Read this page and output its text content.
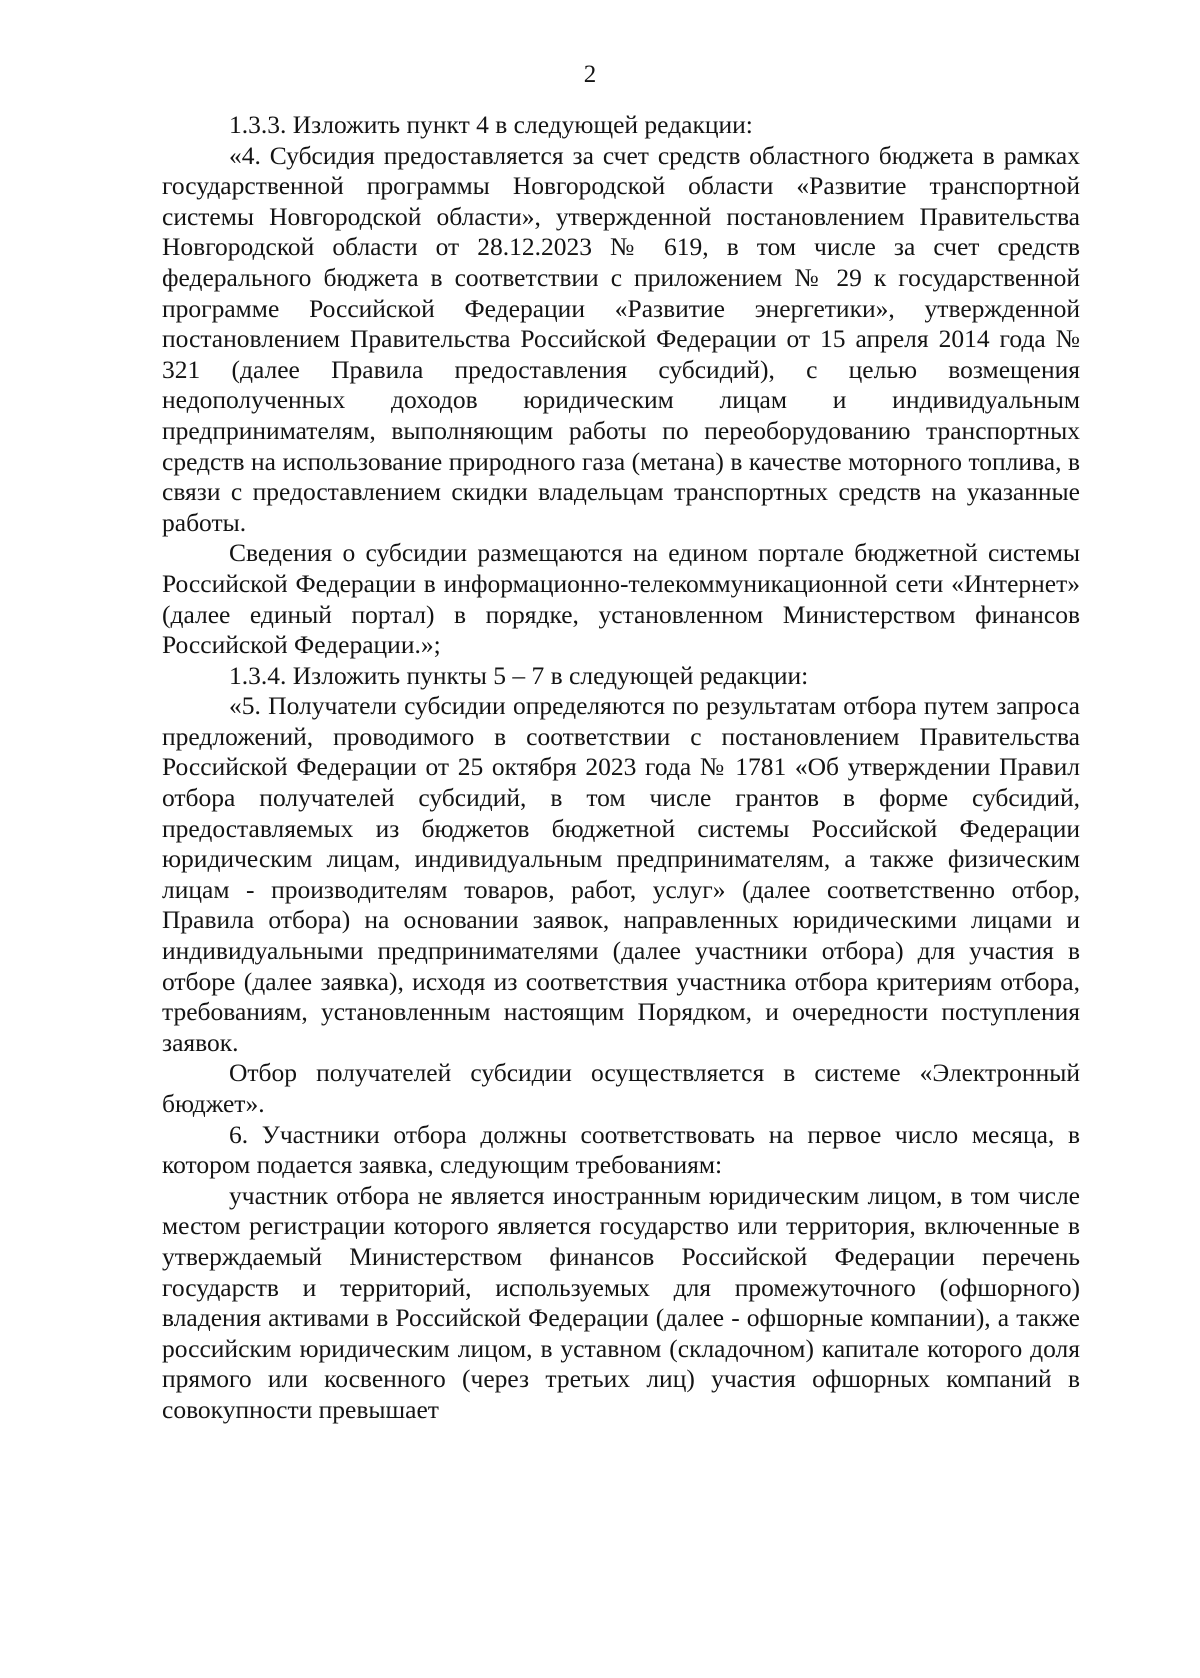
2

1.3.3. Изложить пункт 4 в следующей редакции:

«4. Субсидия предоставляется за счет средств областного бюджета в рамках государственной программы Новгородской области «Развитие транспортной системы Новгородской области», утвержденной постановлением Правительства Новгородской области от 28.12.2023 № 619, в том числе за счет средств федерального бюджета в соответствии с приложением № 29 к государственной программе Российской Федерации «Развитие энергетики», утвержденной постановлением Правительства Российской Федерации от 15 апреля 2014 года № 321 (далее Правила предоставления субсидий), с целью возмещения недополученных доходов юридическим лицам и индивидуальным предпринимателям, выполняющим работы по переоборудованию транспортных средств на использование природного газа (метана) в качестве моторного топлива, в связи с предоставлением скидки владельцам транспортных средств на указанные работы.

Сведения о субсидии размещаются на едином портале бюджетной системы Российской Федерации в информационно-телекоммуникационной сети «Интернет» (далее единый портал) в порядке, установленном Министерством финансов Российской Федерации.»;

1.3.4. Изложить пункты 5 – 7 в следующей редакции:

«5. Получатели субсидии определяются по результатам отбора путем запроса предложений, проводимого в соответствии с постановлением Правительства Российской Федерации от 25 октября 2023 года № 1781 «Об утверждении Правил отбора получателей субсидий, в том числе грантов в форме субсидий, предоставляемых из бюджетов бюджетной системы Российской Федерации юридическим лицам, индивидуальным предпринимателям, а также физическим лицам - производителям товаров, работ, услуг» (далее соответственно отбор, Правила отбора) на основании заявок, направленных юридическими лицами и индивидуальными предпринимателями (далее участники отбора) для участия в отборе (далее заявка), исходя из соответствия участника отбора критериям отбора, требованиям, установленным настоящим Порядком, и очередности поступления заявок.

Отбор получателей субсидии осуществляется в системе «Электронный бюджет».

6. Участники отбора должны соответствовать на первое число месяца, в котором подается заявка, следующим требованиям:

участник отбора не является иностранным юридическим лицом, в том числе местом регистрации которого является государство или территория, включенные в утверждаемый Министерством финансов Российской Федерации перечень государств и территорий, используемых для промежуточного (офшорного) владения активами в Российской Федерации (далее - офшорные компании), а также российским юридическим лицом, в уставном (складочном) капитале которого доля прямого или косвенного (через третьих лиц) участия офшорных компаний в совокупности превышает
